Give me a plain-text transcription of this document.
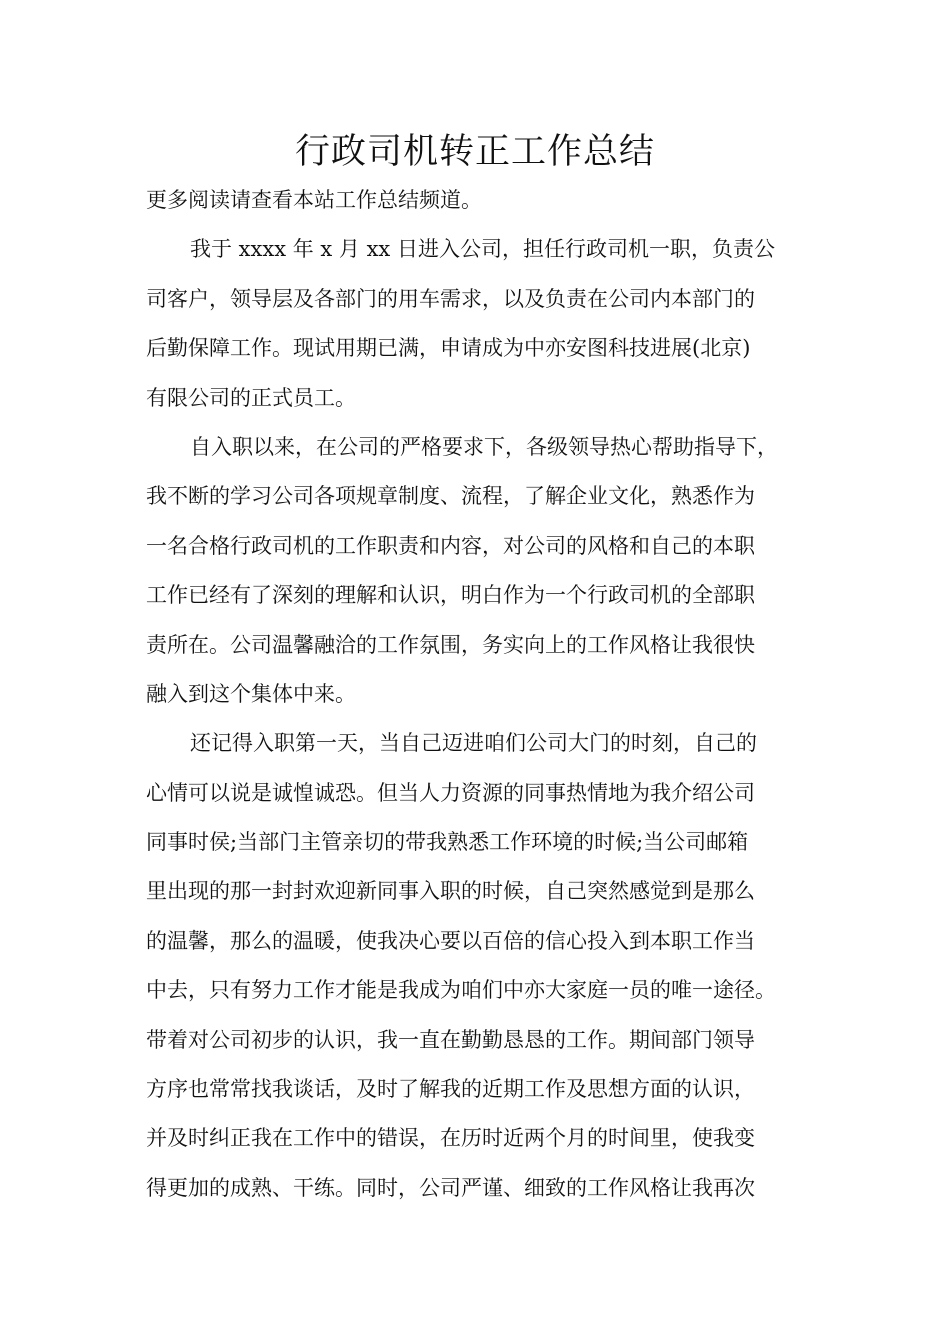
行政司机转正工作总结
更多阅读请查看本站工作总结频道。
我于 xxxx 年 x 月 xx 日进入公司，担任行政司机一职，负责公
司客户，领导层及各部门的用车需求，以及负责在公司内本部门的
后勤保障工作。现试用期已满，申请成为中亦安图科技进展(北京)
有限公司的正式员工。
自入职以来，在公司的严格要求下，各级领导热心帮助指导下，
我不断的学习公司各项规章制度、流程，了解企业文化，熟悉作为
一名合格行政司机的工作职责和内容，对公司的风格和自己的本职
工作已经有了深刻的理解和认识，明白作为一个行政司机的全部职
责所在。公司温馨融洽的工作氛围，务实向上的工作风格让我很快
融入到这个集体中来。
还记得入职第一天，当自己迈进咱们公司大门的时刻，自己的
心情可以说是诚惶诚恐。但当人力资源的同事热情地为我介绍公司
同事时侯;当部门主管亲切的带我熟悉工作环境的时候;当公司邮箱
里出现的那一封封欢迎新同事入职的时候，自己突然感觉到是那么
的温馨，那么的温暖，使我决心要以百倍的信心投入到本职工作当
中去，只有努力工作才能是我成为咱们中亦大家庭一员的唯一途径。
带着对公司初步的认识，我一直在勤勤恳恳的工作。期间部门领导
方序也常常找我谈话，及时了解我的近期工作及思想方面的认识，
并及时纠正我在工作中的错误，在历时近两个月的时间里，使我变
得更加的成熟、干练。同时，公司严谨、细致的工作风格让我再次
